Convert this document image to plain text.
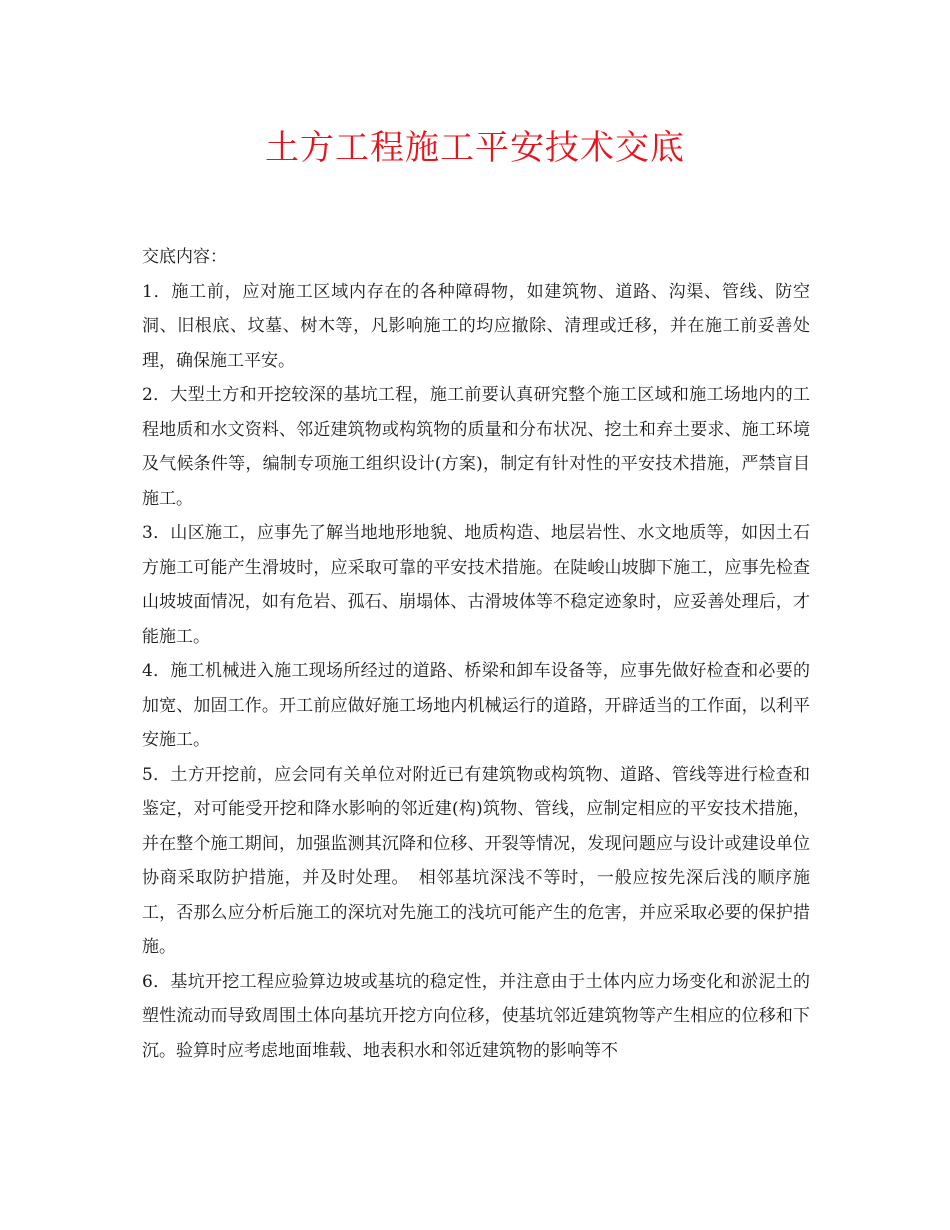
土方工程施工平安技术交底

交底内容：

1．施工前，应对施工区域内存在的各种障碍物，如建筑物、道路、沟渠、管线、防空洞、旧根底、坟墓、树木等，凡影响施工的均应撤除、清理或迁移，并在施工前妥善处理，确保施工平安。

2．大型土方和开挖较深的基坑工程，施工前要认真研究整个施工区域和施工场地内的工程地质和水文资料、邻近建筑物或构筑物的质量和分布状况、挖土和弃土要求、施工环境及气候条件等，编制专项施工组织设计(方案)，制定有针对性的平安技术措施，严禁盲目施工。

3．山区施工，应事先了解当地地形地貌、地质构造、地层岩性、水文地质等，如因土石方施工可能产生滑坡时，应采取可靠的平安技术措施。在陡峻山坡脚下施工，应事先检查山坡坡面情况，如有危岩、孤石、崩塌体、古滑坡体等不稳定迹象时，应妥善处理后，才能施工。

4．施工机械进入施工现场所经过的道路、桥梁和卸车设备等，应事先做好检查和必要的加宽、加固工作。开工前应做好施工场地内机械运行的道路，开辟适当的工作面，以利平安施工。

5．土方开挖前，应会同有关单位对附近已有建筑物或构筑物、道路、管线等进行检查和鉴定，对可能受开挖和降水影响的邻近建(构)筑物、管线，应制定相应的平安技术措施，并在整个施工期间，加强监测其沉降和位移、开裂等情况，发现问题应与设计或建设单位协商采取防护措施，并及时处理。　相邻基坑深浅不等时，一般应按先深后浅的顺序施工，否那么应分析后施工的深坑对先施工的浅坑可能产生的危害，并应采取必要的保护措施。

6．基坑开挖工程应验算边坡或基坑的稳定性，并注意由于土体内应力场变化和淤泥土的塑性流动而导致周围土体向基坑开挖方向位移，使基坑邻近建筑物等产生相应的位移和下沉。验算时应考虑地面堆载、地表积水和邻近建筑物的影响等不
